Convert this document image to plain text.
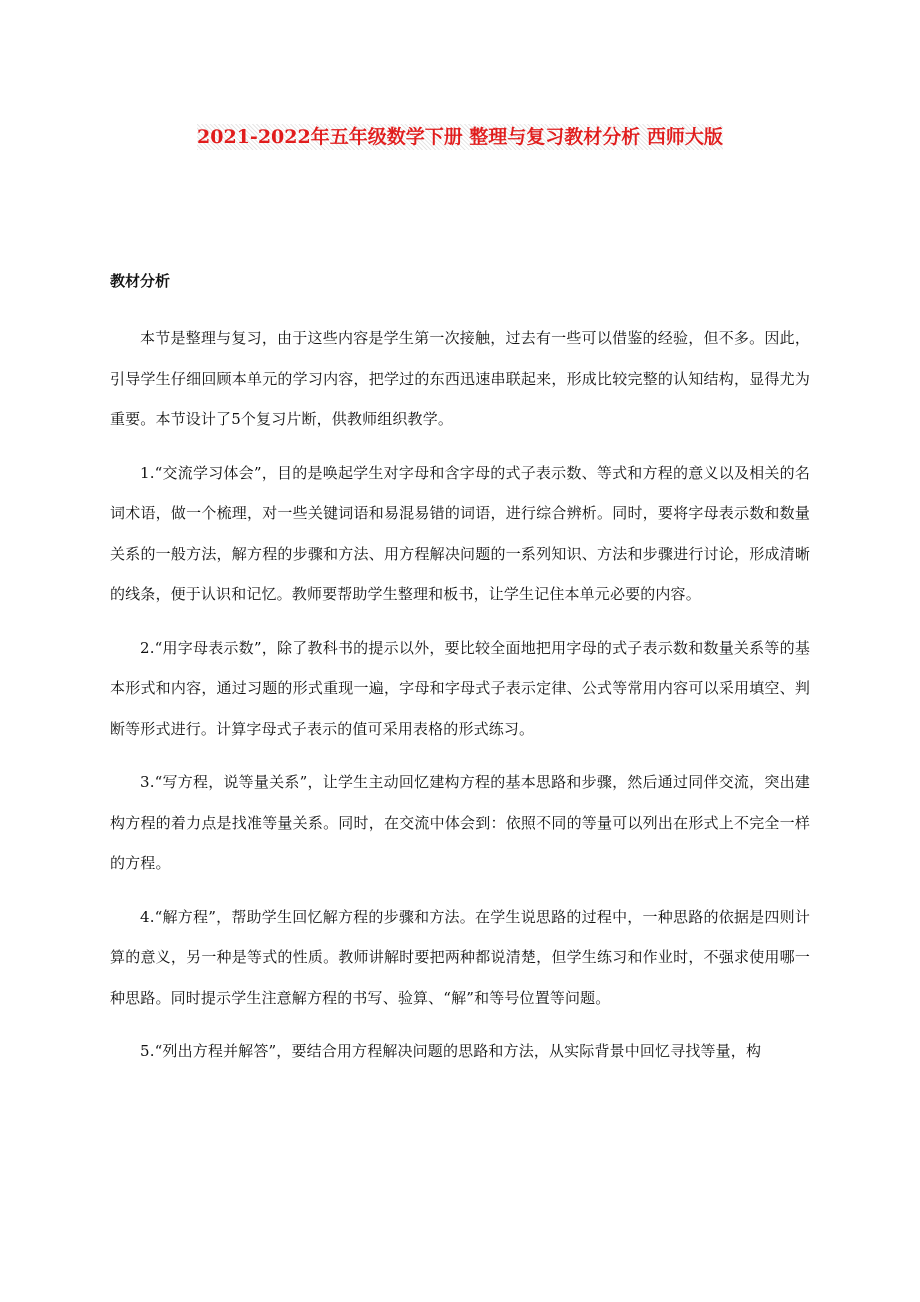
2021-2022年五年级数学下册 整理与复习教材分析 西师大版
教材分析

本节是整理与复习，由于这些内容是学生第一次接触，过去有一些可以借鉴的经验，但不多。因此，引导学生仔细回顾本单元的学习内容，把学过的东西迅速串联起来，形成比较完整的认知结构，显得尤为重要。本节设计了5个复习片断，供教师组织教学。

1.“交流学习体会”，目的是唤起学生对字母和含字母的式子表示数、等式和方程的意义以及相关的名词术语，做一个梳理，对一些关键词语和易混易错的词语，进行综合辨析。同时，要将字母表示数和数量关系的一般方法，解方程的步骤和方法、用方程解决问题的一系列知识、方法和步骤进行讨论，形成清晰的线条，便于认识和记忆。教师要帮助学生整理和板书，让学生记住本单元必要的内容。

2.“用字母表示数”，除了教科书的提示以外，要比较全面地把用字母的式子表示数和数量关系等的基本形式和内容，通过习题的形式重现一遍，字母和字母式子表示定律、公式等常用内容可以采用填空、判断等形式进行。计算字母式子表示的值可采用表格的形式练习。

3.“写方程，说等量关系”，让学生主动回忆建构方程的基本思路和步骤，然后通过同伴交流，突出建构方程的着力点是找准等量关系。同时，在交流中体会到：依照不同的等量可以列出在形式上不完全一样的方程。

4.“解方程”，帮助学生回忆解方程的步骤和方法。在学生说思路的过程中，一种思路的依据是四则计算的意义，另一种是等式的性质。教师讲解时要把两种都说清楚，但学生练习和作业时，不强求使用哪一种思路。同时提示学生注意解方程的书写、验算、“解”和等号位置等问题。

5.“列出方程并解答”，要结合用方程解决问题的思路和方法，从实际背景中回忆寻找等量，构
